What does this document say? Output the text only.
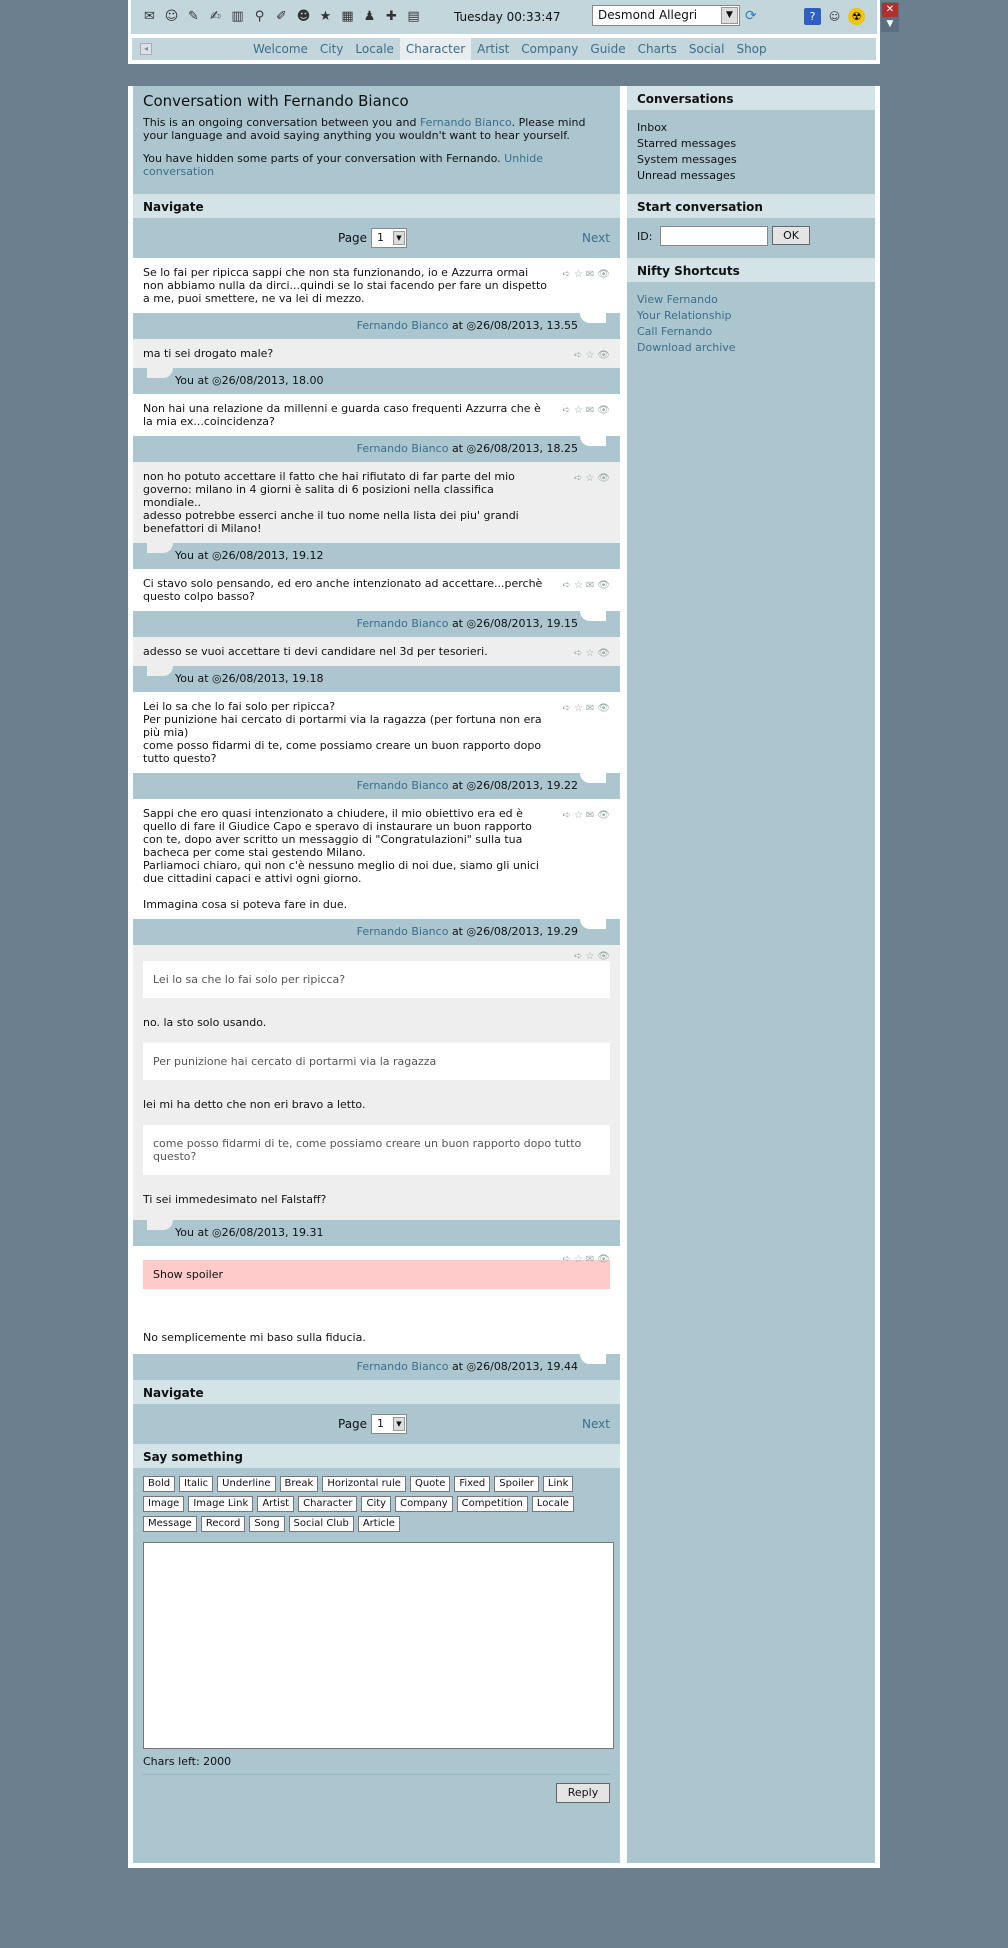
✉ ☺ ✎ ✍ ▥ ⚲ ✐ ☻ ★ ▦ ♟ ✚ ▤	Tuesday 00:33:47	Desmond Allegri	▼ ⟳	?	☺	☢
✕
▼
◂	Welcome	City	Locale	Character	Artist	Company	Guide	Charts	Social	Shop
Conversation with Fernando Bianco

This is an ongoing conversation between you and Fernando Bianco. Please mind your language and avoid saying anything you wouldn't want to hear yourself.

You have hidden some parts of your conversation with Fernando. Unhide conversation

Navigate
Page 1	▼	Next
Se lo fai per ripicca sappi che non sta funzionando, io e Azzurra ormai non abbiamo nulla da dirci...quindi se lo stai facendo per fare un dispetto a me, puoi smettere, ne va lei di mezzo.
➪ ☆ ✉ 👁
Fernando Bianco at ◎26/08/2013, 13.55
ma ti sei drogato male?	➪ ☆ 👁
You at ◎26/08/2013, 18.00
Non hai una relazione da millenni e guarda caso frequenti Azzurra che è la mia ex...coincidenza?
➪ ☆ ✉ 👁
Fernando Bianco at ◎26/08/2013, 18.25
non ho potuto accettare il fatto che hai rifiutato di far parte del mio governo: milano in 4 giorni è salita di 6 posizioni nella classifica mondiale..
adesso potrebbe esserci anche il tuo nome nella lista dei piu' grandi benefattori di Milano!
➪ ☆ 👁
You at ◎26/08/2013, 19.12
Ci stavo solo pensando, ed ero anche intenzionato ad accettare...perchè questo colpo basso?
➪ ☆ ✉ 👁
Fernando Bianco at ◎26/08/2013, 19.15
adesso se vuoi accettare ti devi candidare nel 3d per tesorieri.	➪ ☆ 👁
You at ◎26/08/2013, 19.18
Lei lo sa che lo fai solo per ripicca?
Per punizione hai cercato di portarmi via la ragazza (per fortuna non era più mia)
come posso fidarmi di te, come possiamo creare un buon rapporto dopo tutto questo?
➪ ☆ ✉ 👁
Fernando Bianco at ◎26/08/2013, 19.22
Sappi che ero quasi intenzionato a chiudere, il mio obiettivo era ed è quello di fare il Giudice Capo e speravo di instaurare un buon rapporto con te, dopo aver scritto un messaggio di "Congratulazioni" sulla tua bacheca per come stai gestendo Milano.
Parliamoci chiaro, qui non c'è nessuno meglio di noi due, siamo gli unici due cittadini capaci e attivi ogni giorno.

Immagina cosa si poteva fare in due.
➪ ☆ ✉ 👁
Fernando Bianco at ◎26/08/2013, 19.29
➪ ☆ 👁
Lei lo sa che lo fai solo per ripicca?
no. la sto solo usando.
Per punizione hai cercato di portarmi via la ragazza
lei mi ha detto che non eri bravo a letto.
come posso fidarmi di te, come possiamo creare un buon rapporto dopo tutto questo?
Ti sei immedesimato nel Falstaff?
You at ◎26/08/2013, 19.31
➪ ☆ ✉ 👁
Show spoiler
No semplicemente mi baso sulla fiducia.
Fernando Bianco at ◎26/08/2013, 19.44
Navigate
Page 1	▼	Next
Say something
Bold	Italic	Underline	Break	Horizontal rule	Quote	Fixed	Spoiler	Link
Image	Image Link	Artist	Character	City	Company	Competition	Locale
Message	Record	Song	Social Club	Article
Chars left: 2000
Reply
Conversations
Inbox
Starred messages
System messages
Unread messages
Start conversation
ID:	OK
Nifty Shortcuts
View Fernando
Your Relationship
Call Fernando
Download archive
